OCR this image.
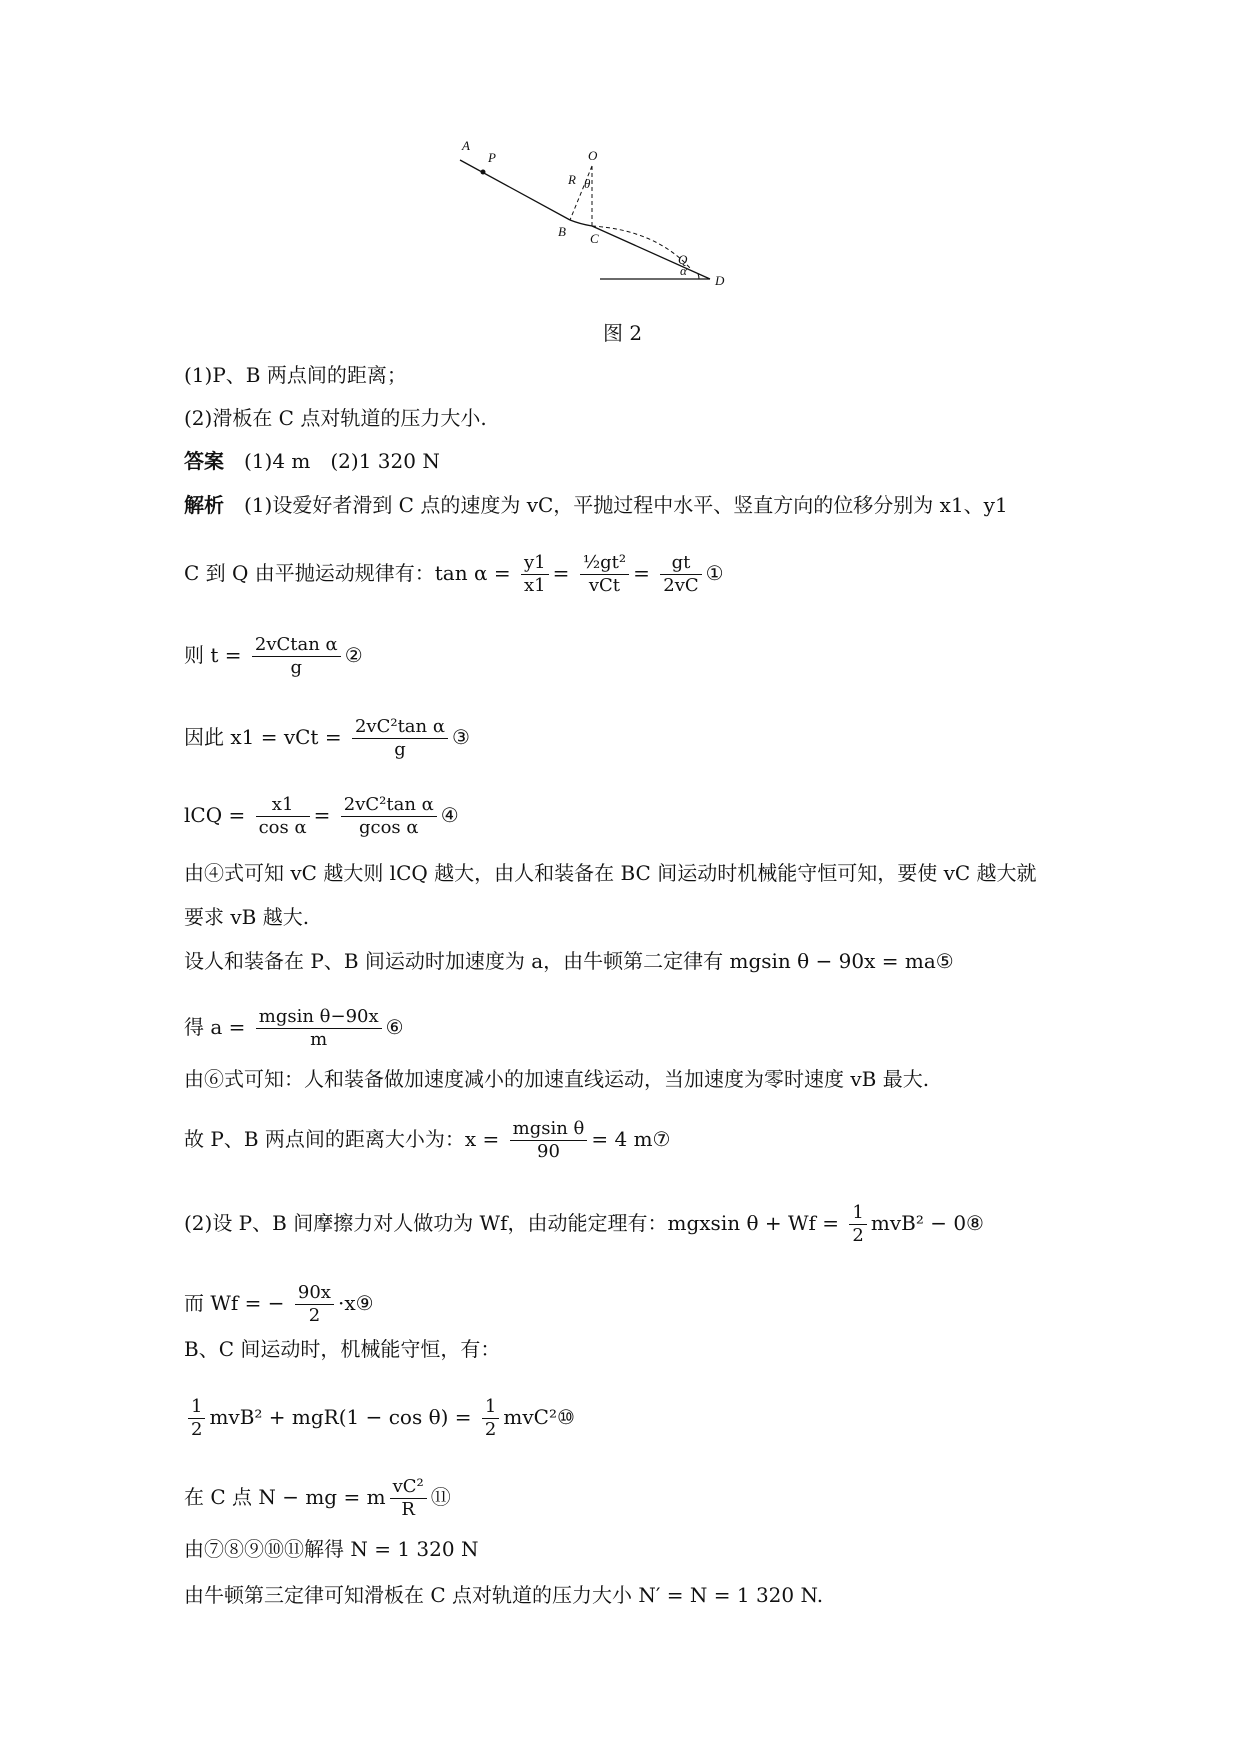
A
P	O
R θ
B C
Q
α
D
图 2
(1)P、B 两点间的距离；
(2)滑板在 C 点对轨道的压力大小.
答案　 (1)4 m　(2)1 320 N
解析　 (1)设爱好者滑到 C 点的速度为 vC，平抛过程中水平、竖直方向的位移分别为 x1、y1
C 到 Q 由平抛运动规律有：$\tan \alpha = \frac{y1}{x1} = \frac{\text{½gt²}}{\text{vCt}} = \frac{gt}{2vC}$ ①
则 $t = \frac{\text{2vCtan α}}{g}$ ②
因此 x1 = vCt = $\frac{\text{2vC²tan α}}{g}$ ③
lCQ = $\frac{x1}{\text{cos α}} = \frac{\text{2vC²tan α}}{\text{gcos α}}$ ④
由④式可知 vC 越大则 lCQ 越大，由人和装备在 BC 间运动时机械能守恒可知，要使 vC 越大就
要求 vB 越大.
设人和装备在 P、B 间运动时加速度为 a，由牛顿第二定律有 mgsin θ − 90x = ma⑤
得 $a = \frac{\text{mgsin θ−90x}}{m}$ ⑥
由⑥式可知：人和装备做加速度减小的加速直线运动，当加速度为零时速度 vB 最大.
故 P、B 两点间的距离大小为：$x = \frac{\text{mgsin θ}}{90} = 4$ m⑦
(2)设 P、B 间摩擦力对人做功为 Wf，由动能定理有：mgxsin $\theta + Wf = \frac{1}{2} mvB^2$ − 0⑧
而 Wf = − $\frac{90x}{2}$ ·x⑨
B、C 间运动时，机械能守恒，有：
$\frac{1}{2} mvB^2 + mgR(1 - \cos \theta) = \frac{1}{2}$ mvC²⑩
在 C 点 N − mg = m $\frac{\text{vC²}}{R}$ ⑪
由⑦⑧⑨⑩⑪解得 N = 1 320 N
由牛顿第三定律可知滑板在 C 点对轨道的压力大小 N′ = N = 1 320 N.
